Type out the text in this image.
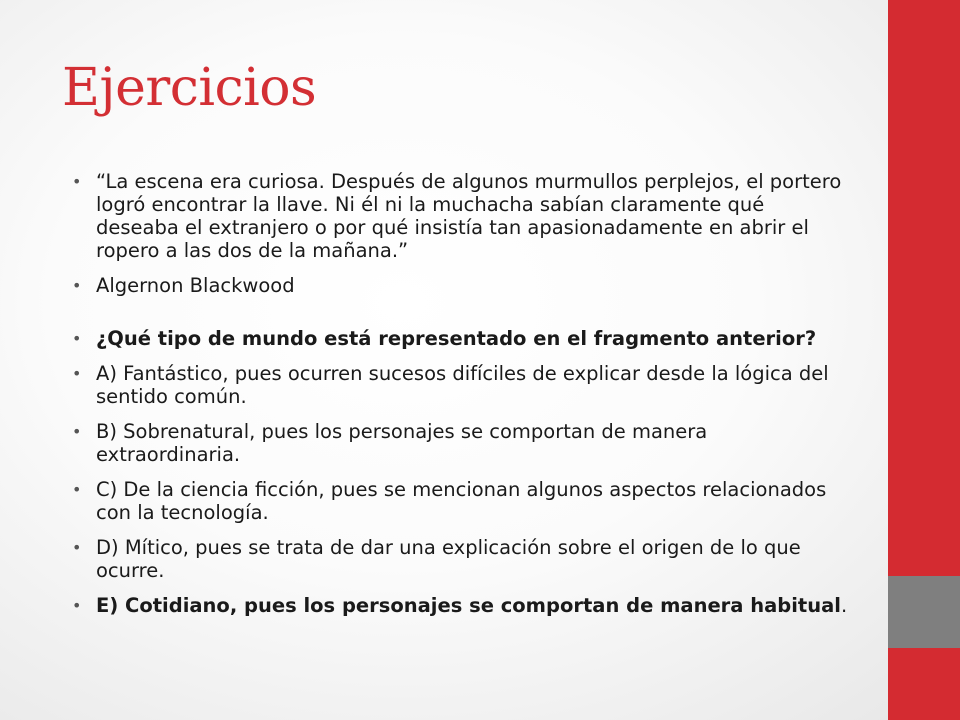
Ejercicios
• “La escena era curiosa. Después de algunos murmullos perplejos, el portero logró encontrar la llave. Ni él ni la muchacha sabían claramente qué deseaba el extranjero o por qué insistía tan apasionadamente en abrir el ropero a las dos de la mañana.”
• Algernon Blackwood
• ¿Qué tipo de mundo está representado en el fragmento anterior?
• A) Fantástico, pues ocurren sucesos difíciles de explicar desde la lógica del sentido común.
• B) Sobrenatural, pues los personajes se comportan de manera extraordinaria.
• C) De la ciencia ficción, pues se mencionan algunos aspectos relacionados con la tecnología.
• D) Mítico, pues se trata de dar una explicación sobre el origen de lo que ocurre.
• E) Cotidiano, pues los personajes se comportan de manera habitual.
